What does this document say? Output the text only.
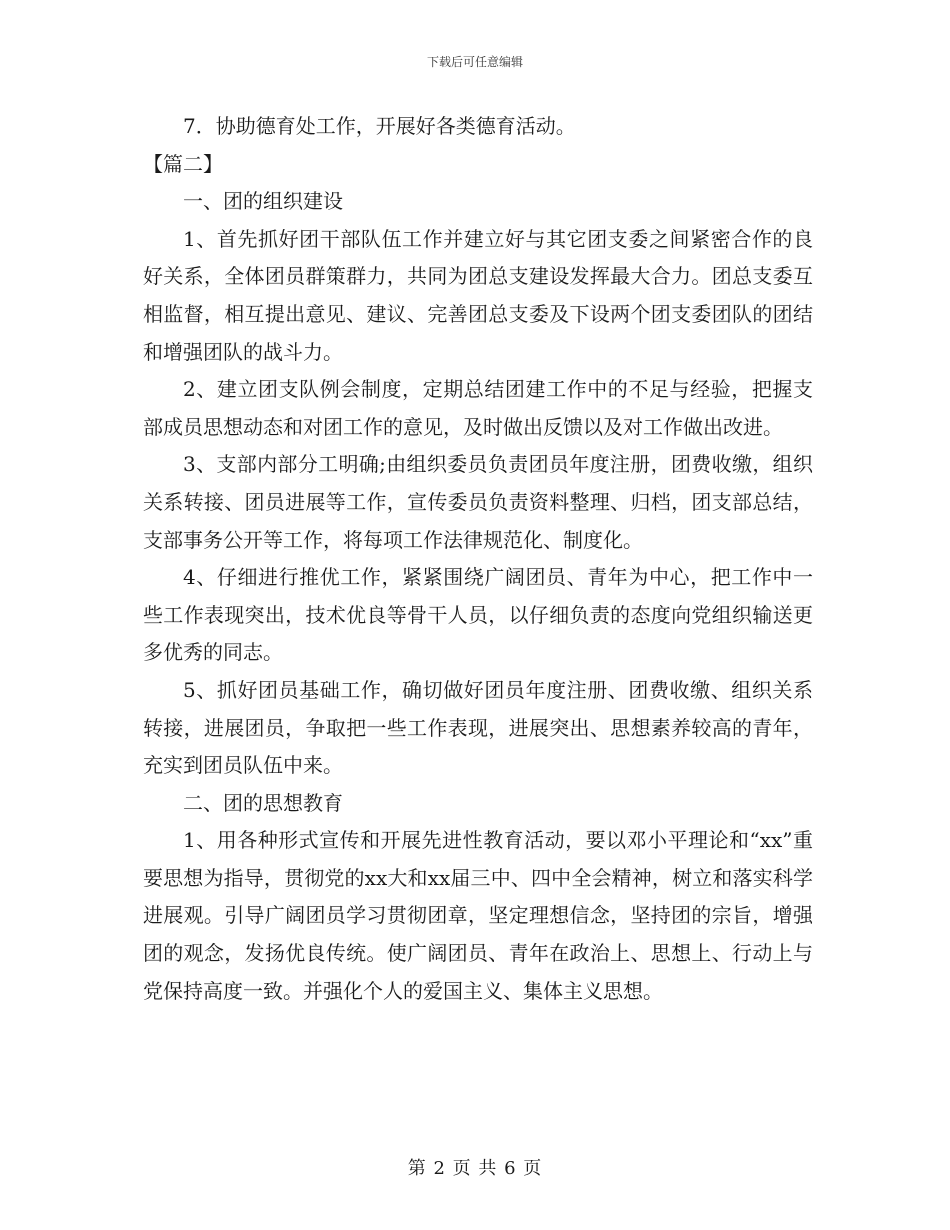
下载后可任意编辑

7．协助德育处工作，开展好各类德育活动。

【篇二】

一、团的组织建设

1、首先抓好团干部队伍工作并建立好与其它团支委之间紧密合作的良好关系，全体团员群策群力，共同为团总支建设发挥最大合力。团总支委互相监督，相互提出意见、建议、完善团总支委及下设两个团支委团队的团结和增强团队的战斗力。

2、建立团支队例会制度，定期总结团建工作中的不足与经验，把握支部成员思想动态和对团工作的意见，及时做出反馈以及对工作做出改进。

3、支部内部分工明确;由组织委员负责团员年度注册，团费收缴，组织关系转接、团员进展等工作，宣传委员负责资料整理、归档，团支部总结，支部事务公开等工作，将每项工作法律规范化、制度化。

4、仔细进行推优工作，紧紧围绕广阔团员、青年为中心，把工作中一些工作表现突出，技术优良等骨干人员，以仔细负责的态度向党组织输送更多优秀的同志。

5、抓好团员基础工作，确切做好团员年度注册、团费收缴、组织关系转接，进展团员，争取把一些工作表现，进展突出、思想素养较高的青年，充实到团员队伍中来。

二、团的思想教育

1、用各种形式宣传和开展先进性教育活动，要以邓小平理论和“xx”重要思想为指导，贯彻党的xx大和xx届三中、四中全会精神，树立和落实科学进展观。引导广阔团员学习贯彻团章，坚定理想信念，坚持团的宗旨，增强团的观念，发扬优良传统。使广阔团员、青年在政治上、思想上、行动上与党保持高度一致。并强化个人的爱国主义、集体主义思想。

第 2 页 共 6 页
